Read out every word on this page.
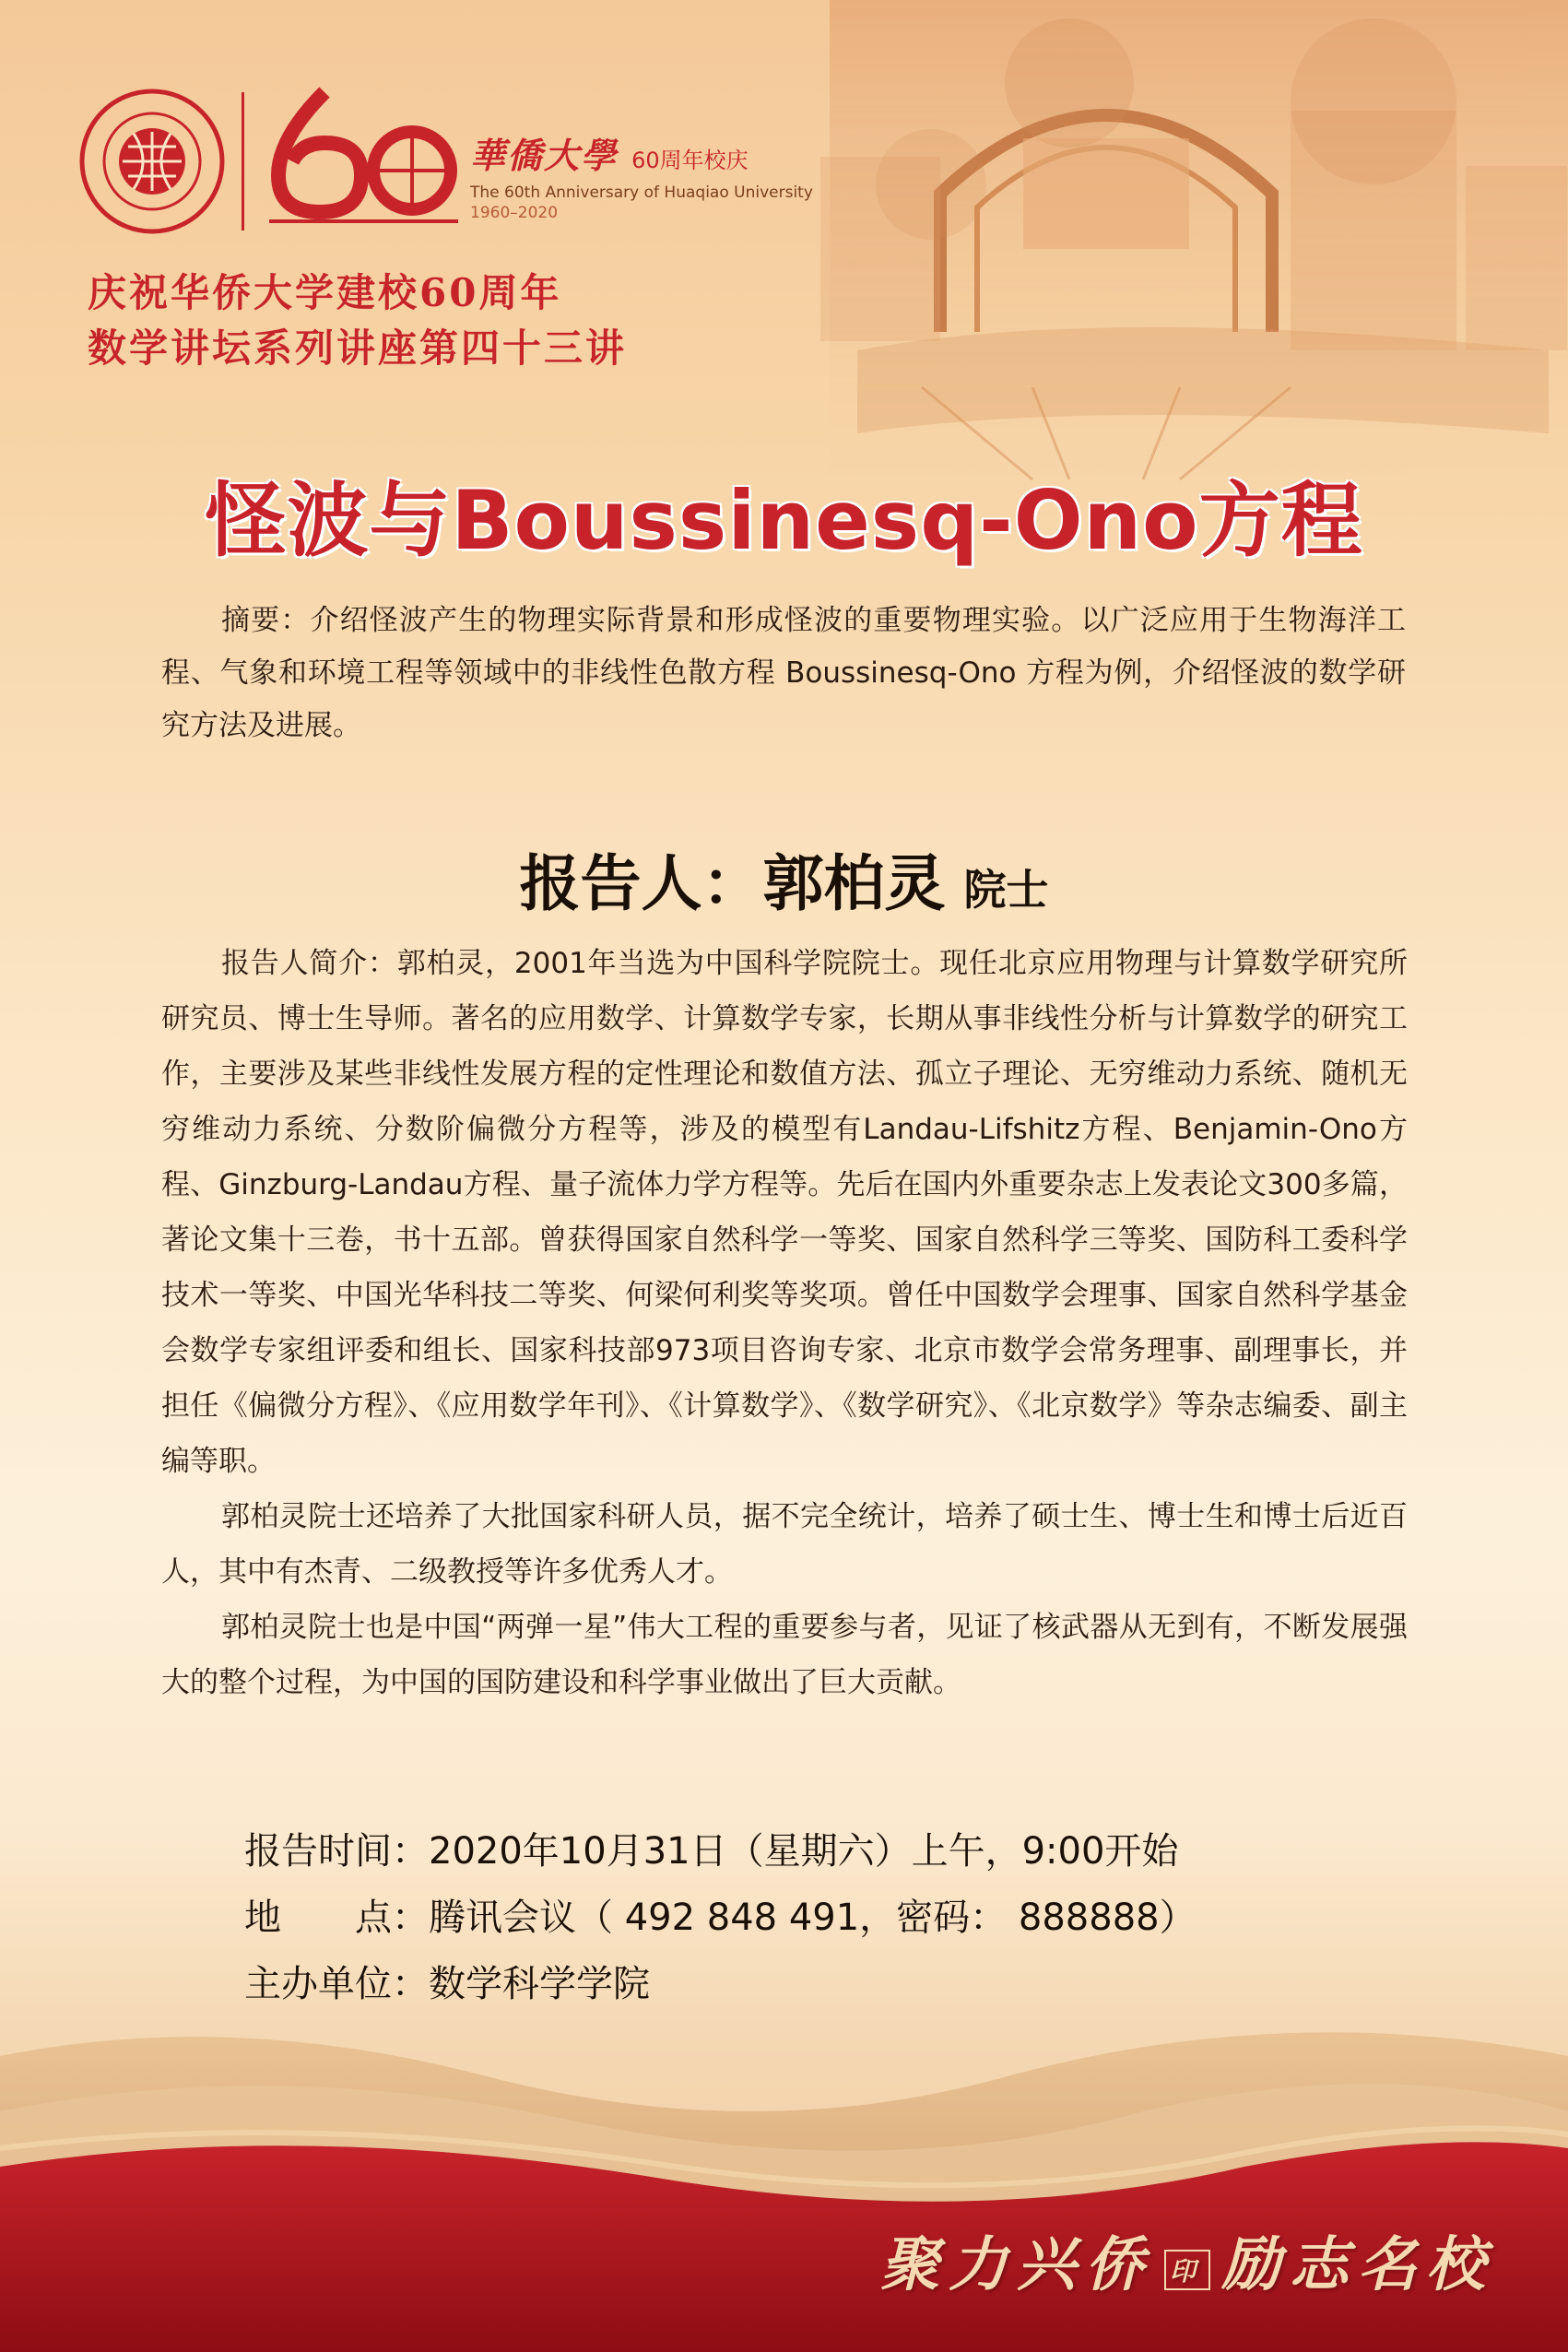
華僑大學 60周年校庆
The 60th Anniversary of Huaqiao University
1960–2020
庆祝华侨大学建校60周年
数学讲坛系列讲座第四十三讲
怪波与Boussinesq-Ono方程
摘要：介绍怪波产生的物理实际背景和形成怪波的重要物理实验。以广泛应用于生物海洋工程、气象和环境工程等领域中的非线性色散方程 Boussinesq-Ono 方程为例，介绍怪波的数学研究方法及进展。
报告人：郭柏灵 院士

报告人简介：郭柏灵，2001年当选为中国科学院院士。现任北京应用物理与计算数学研究所研究员、博士生导师。著名的应用数学、计算数学专家，长期从事非线性分析与计算数学的研究工作，主要涉及某些非线性发展方程的定性理论和数值方法、孤立子理论、无穷维动力系统、随机无穷维动力系统、分数阶偏微分方程等，涉及的模型有Landau-Lifshitz方程、Benjamin-Ono方程、Ginzburg-Landau方程、量子流体力学方程等。先后在国内外重要杂志上发表论文300多篇，著论文集十三卷，书十五部。曾获得国家自然科学一等奖、国家自然科学三等奖、国防科工委科学技术一等奖、中国光华科技二等奖、何梁何利奖等奖项。曾任中国数学会理事、国家自然科学基金会数学专家组评委和组长、国家科技部973项目咨询专家、北京市数学会常务理事、副理事长，并担任《偏微分方程》、《应用数学年刊》、《计算数学》、《数学研究》、《北京数学》等杂志编委、副主编等职。

郭柏灵院士还培养了大批国家科研人员，据不完全统计，培养了硕士生、博士生和博士后近百人，其中有杰青、二级教授等许多优秀人才。

郭柏灵院士也是中国“两弹一星”伟大工程的重要参与者，见证了核武器从无到有，不断发展强大的整个过程，为中国的国防建设和科学事业做出了巨大贡献。

报告时间：2020年10月31日（星期六）上午，9:00开始
地　　点：腾讯会议（ 492 848 491，密码： 888888）
主办单位：数学科学学院
聚力兴侨 印 励志名校
